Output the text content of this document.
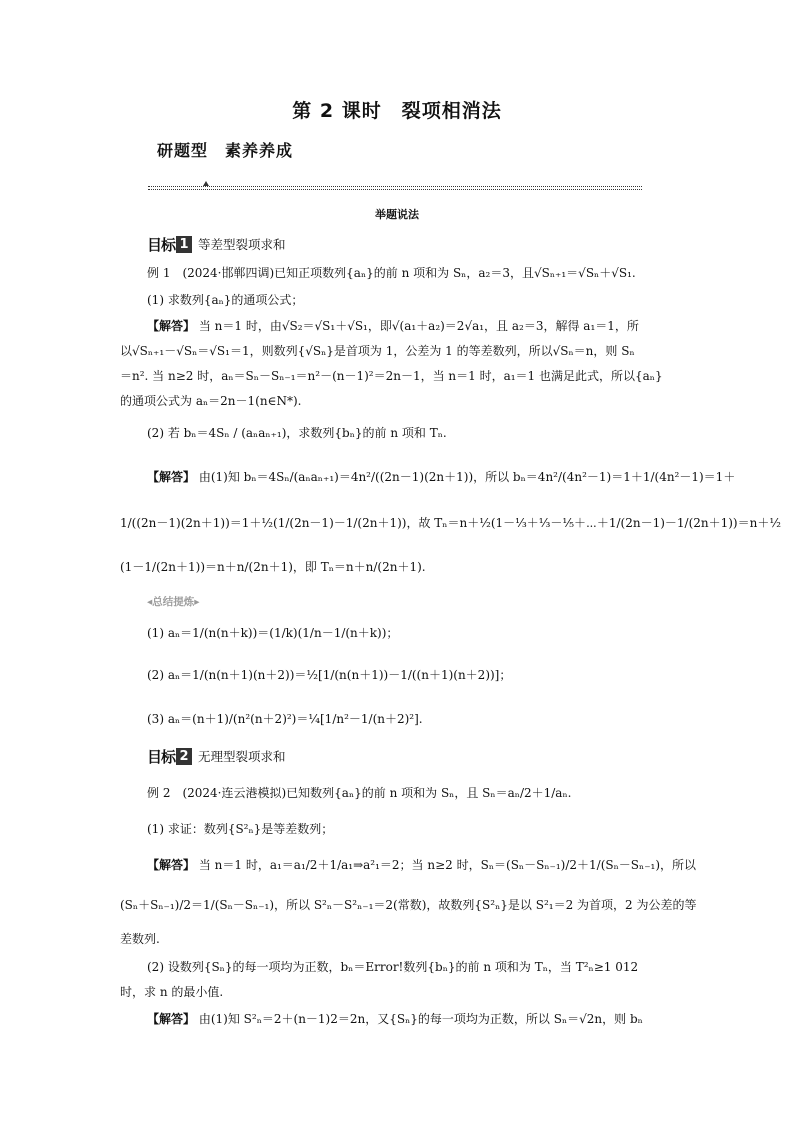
第 2 课时　裂项相消法
研题型　素养养成
举题说法
目标 1 等差型裂项求和
例 1　(2024·邯郸四调)已知正项数列{aₙ}的前 n 项和为 Sₙ，a₂＝3，且√Sₙ₊₁＝√Sₙ＋√S₁.
(1) 求数列{aₙ}的通项公式；
【解答】 当 n＝1 时，由√S₂＝√S₁＋√S₁，即√(a₁＋a₂)＝2√a₁，且 a₂＝3，解得 a₁＝1，所
以√Sₙ₊₁－√Sₙ＝√S₁＝1，则数列{√Sₙ}是首项为 1，公差为 1 的等差数列，所以√Sₙ＝n，则 Sₙ
＝n². 当 n≥2 时，aₙ＝Sₙ－Sₙ₋₁＝n²－(n－1)²＝2n－1，当 n＝1 时，a₁＝1 也满足此式，所以{aₙ}
的通项公式为 aₙ＝2n－1(n∈N*).
(2) 若 bₙ＝4Sₙ / (aₙaₙ₊₁)，求数列{bₙ}的前 n 项和 Tₙ.
【解答】 由(1)知 bₙ＝4Sₙ/(aₙaₙ₊₁)＝4n²/((2n－1)(2n＋1))，所以 bₙ＝4n²/(4n²－1)＝1＋1/(4n²－1)＝1＋
1/((2n－1)(2n＋1))＝1＋½(1/(2n－1)－1/(2n＋1))，故 Tₙ＝n＋½(1－⅓＋⅓－⅕＋⋯＋1/(2n－1)－1/(2n＋1))＝n＋½
(1－1/(2n＋1))＝n＋n/(2n＋1)，即 Tₙ＝n＋n/(2n＋1).
◂总结提炼▸
(1) aₙ＝1/(n(n＋k))＝(1/k)(1/n－1/(n＋k))；
(2) aₙ＝1/(n(n＋1)(n＋2))＝½[1/(n(n＋1))－1/((n＋1)(n＋2))]；
(3) aₙ＝(n＋1)/(n²(n＋2)²)＝¼[1/n²－1/(n＋2)²].
目标 2 无理型裂项求和
例 2　(2024·连云港模拟)已知数列{aₙ}的前 n 项和为 Sₙ，且 Sₙ＝aₙ/2＋1/aₙ.
(1) 求证：数列{S²ₙ}是等差数列；
【解答】 当 n＝1 时，a₁＝a₁/2＋1/a₁⇒a²₁＝2；当 n≥2 时，Sₙ＝(Sₙ－Sₙ₋₁)/2＋1/(Sₙ－Sₙ₋₁)，所以
(Sₙ＋Sₙ₋₁)/2＝1/(Sₙ－Sₙ₋₁)，所以 S²ₙ－S²ₙ₋₁＝2(常数)，故数列{S²ₙ}是以 S²₁＝2 为首项，2 为公差的等
差数列.
(2) 设数列{Sₙ}的每一项均为正数，bₙ＝Error!数列{bₙ}的前 n 项和为 Tₙ，当 T²ₙ≥1 012
时，求 n 的最小值.
【解答】 由(1)知 S²ₙ＝2＋(n－1)2＝2n，又{Sₙ}的每一项均为正数，所以 Sₙ＝√2n，则 bₙ
